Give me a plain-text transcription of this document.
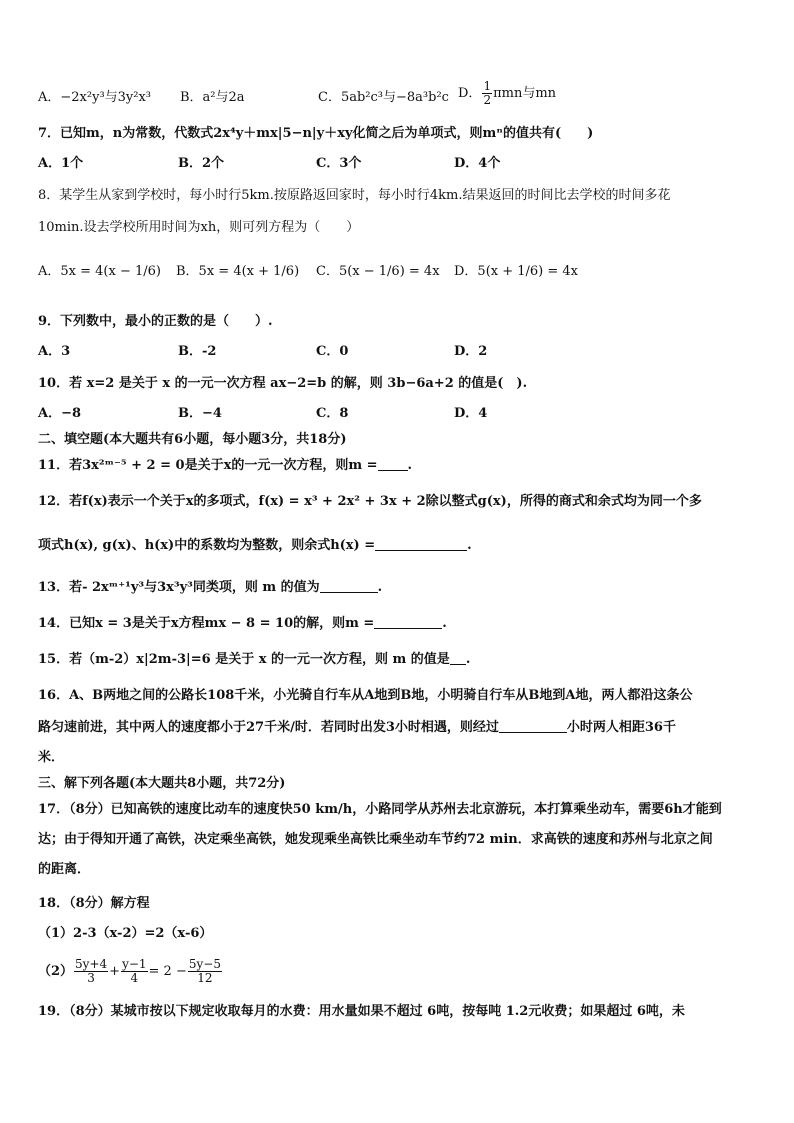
A．−2x²y³与3y²x³ B．a²与2a	C．5ab²c³与−8a³b²c D． $\frac{1}{2}$ πmn与mn
7．已知m，n为常数，代数式2x⁴y＋mx|5−n|y＋xy化简之后为单项式，则mⁿ的值共有(　　)
A．1个	B．2个	C．3个	D．4个
8．某学生从家到学校时，每小时行5km.按原路返回家时，每小时行4km.结果返回的时间比去学校的时间多花
10min.设去学校所用时间为xh，则可列方程为（　　）
A．5x = 4(x − 1/6) B．5x = 4(x + 1/6) C．5(x − 1/6) = 4x D．5(x + 1/6) = 4x
9．下列数中，最小的正数的是（　　）.
A．3	B．-2	C．0	D．2
10．若 x=2 是关于 x 的一元一次方程 ax−2=b 的解，则 3b−6a+2 的值是(　).
A．−8	B．−4	C．8	D．4
二、填空题(本大题共有6小题，每小题3分，共18分)
11．若3x²ᵐ⁻⁵ + 2 = 0是关于x的一元一次方程，则m = .
12．若f(x)表示一个关于x的多项式，f(x) = x³ + 2x² + 3x + 2除以整式g(x)，所得的商式和余式均为同一个多
项式h(x), g(x)、h(x)中的系数均为整数，则余式h(x) =	.
13．若- 2xᵐ⁺¹y³与3x³y³同类项，则 m 的值为	.
14．已知x = 3是关于x方程mx − 8 = 10的解，则m =	.
15．若（m-2）x|2m-3|=6 是关于 x 的一元一次方程，则 m 的值是 .
16．A、B两地之间的公路长108千米，小光骑自行车从A地到B地，小明骑自行车从B地到A地，两人都沿这条公
路匀速前进，其中两人的速度都小于27千米/时．若同时出发3小时相遇，则经过	小时两人相距36千
米．
三、解下列各题(本大题共8小题，共72分)
17．（8分）已知高铁的速度比动车的速度快50 km/h，小路同学从苏州去北京游玩，本打算乘坐动车，需要6h才能到
达；由于得知开通了高铁，决定乘坐高铁，她发现乘坐高铁比乘坐动车节约72 min．求高铁的速度和苏州与北京之间
的距离．
18．（8分）解方程
（1）2-3（x-2）=2（x-6）
$(2) \frac{5y+4}{3} + \frac{y-1}{4} = 2 - \frac{5y-5}{12}$
19．（8分）某城市按以下规定收取每月的水费：用水量如果不超过 6吨，按每吨 1.2元收费；如果超过 6吨，未
